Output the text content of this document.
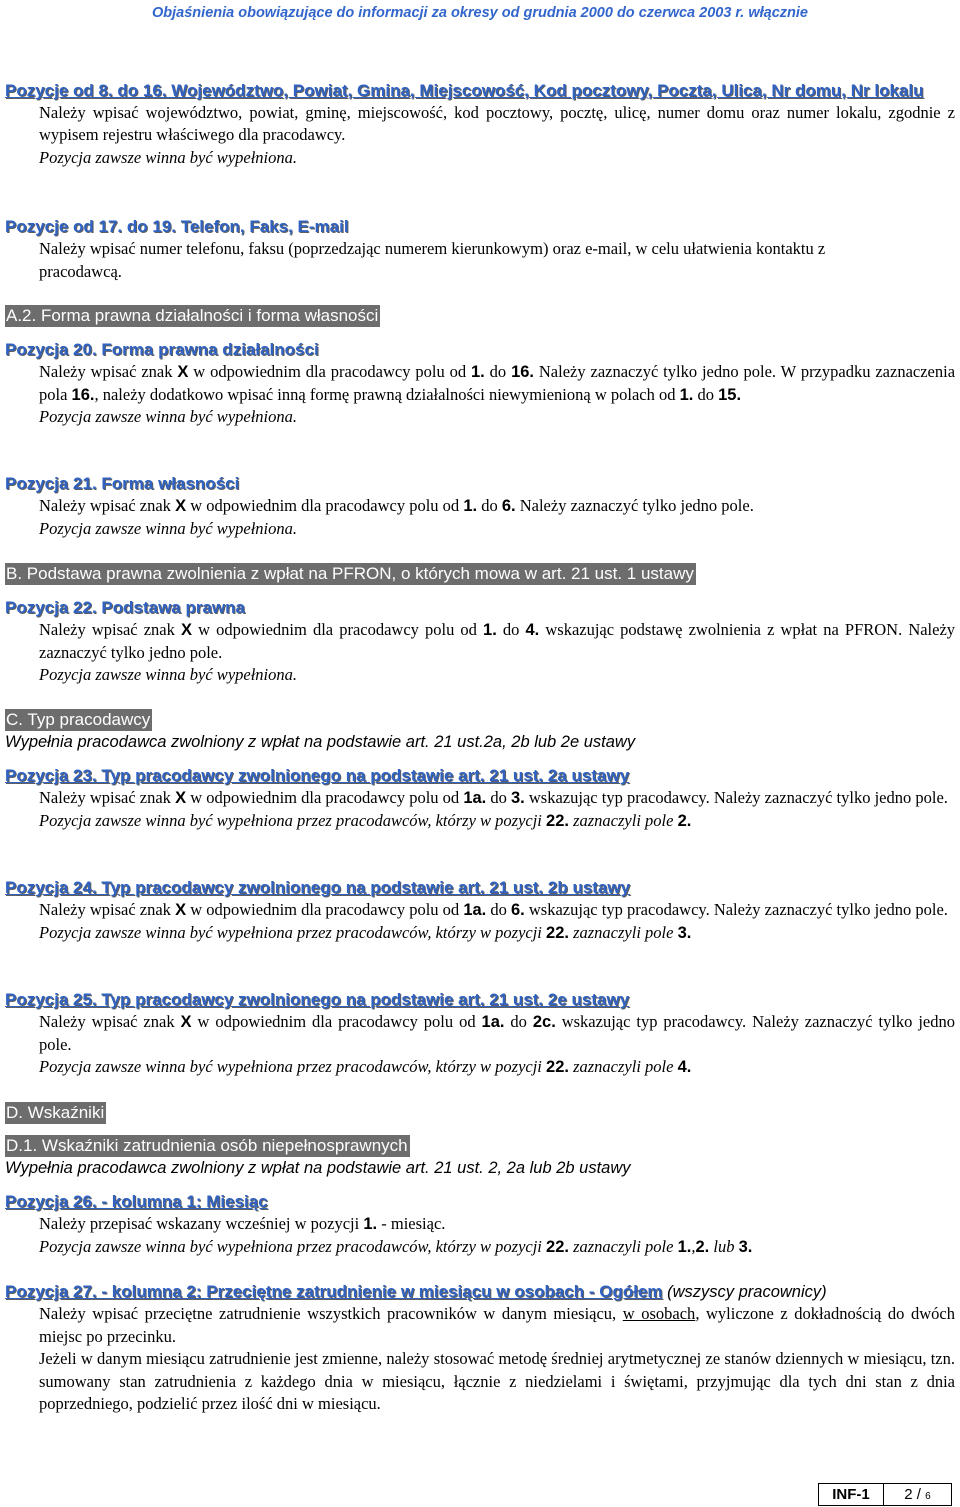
Objaśnienia obowiązujące do informacji za okresy od grudnia 2000 do czerwca 2003 r. włącznie
Pozycje od 8. do 16. Województwo, Powiat, Gmina, Miejscowość, Kod pocztowy, Poczta, Ulica, Nr domu, Nr lokalu
Należy wpisać województwo, powiat, gminę, miejscowość, kod pocztowy, pocztę, ulicę, numer domu oraz numer lokalu, zgodnie z wypisem rejestru właściwego dla pracodawcy.
Pozycja zawsze winna być wypełniona.
Pozycje od 17. do 19. Telefon, Faks, E-mail
Należy wpisać numer telefonu, faksu (poprzedzając numerem kierunkowym) oraz e-mail, w celu ułatwienia kontaktu z pracodawcą.
A.2. Forma prawna działalności i forma własności
Pozycja 20. Forma prawna działalności
Należy wpisać znak X w odpowiednim dla pracodawcy polu od 1. do 16. Należy zaznaczyć tylko jedno pole. W przypadku zaznaczenia pola 16., należy dodatkowo wpisać inną formę prawną działalności niewymienioną w polach od 1. do 15.
Pozycja zawsze winna być wypełniona.
Pozycja 21. Forma własności
Należy wpisać znak X w odpowiednim dla pracodawcy polu od 1. do 6. Należy zaznaczyć tylko jedno pole.
Pozycja zawsze winna być wypełniona.
B. Podstawa prawna zwolnienia z wpłat na PFRON, o których mowa w art. 21 ust. 1 ustawy
Pozycja 22. Podstawa prawna
Należy wpisać znak X w odpowiednim dla pracodawcy polu od 1. do 4. wskazując podstawę zwolnienia z wpłat na PFRON. Należy zaznaczyć tylko jedno pole.
Pozycja zawsze winna być wypełniona.
C. Typ pracodawcy
Wypełnia pracodawca zwolniony z wpłat na podstawie art. 21 ust.2a, 2b lub 2e ustawy
Pozycja 23. Typ pracodawcy zwolnionego na podstawie art. 21 ust. 2a ustawy
Należy wpisać znak X w odpowiednim dla pracodawcy polu od 1a. do 3. wskazując typ pracodawcy. Należy zaznaczyć tylko jedno pole.
Pozycja zawsze winna być wypełniona przez pracodawców, którzy w pozycji 22. zaznaczyli pole 2.
Pozycja 24. Typ pracodawcy zwolnionego na podstawie art. 21 ust. 2b ustawy
Należy wpisać znak X w odpowiednim dla pracodawcy polu od 1a. do 6. wskazując typ pracodawcy. Należy zaznaczyć tylko jedno pole.
Pozycja zawsze winna być wypełniona przez pracodawców, którzy w pozycji 22. zaznaczyli pole 3.
Pozycja 25. Typ pracodawcy zwolnionego na podstawie art. 21 ust. 2e ustawy
Należy wpisać znak X w odpowiednim dla pracodawcy polu od 1a. do 2c. wskazując typ pracodawcy. Należy zaznaczyć tylko jedno pole.
Pozycja zawsze winna być wypełniona przez pracodawców, którzy w pozycji 22. zaznaczyli pole 4.
D. Wskaźniki
D.1. Wskaźniki zatrudnienia osób niepełnosprawnych
Wypełnia pracodawca zwolniony z wpłat na podstawie art. 21 ust. 2, 2a lub 2b ustawy
Pozycja 26. - kolumna 1: Miesiąc
Należy przepisać wskazany wcześniej w pozycji 1. - miesiąc.
Pozycja zawsze winna być wypełniona przez pracodawców, którzy w pozycji 22. zaznaczyli pole 1.,2. lub 3.
Pozycja 27. - kolumna 2: Przeciętne zatrudnienie w miesiącu w osobach - Ogółem (wszyscy pracownicy)
Należy wpisać przeciętne zatrudnienie wszystkich pracowników w danym miesiącu, w osobach, wyliczone z dokładnością do dwóch miejsc po przecinku.
Jeżeli w danym miesiącu zatrudnienie jest zmienne, należy stosować metodę średniej arytmetycznej ze stanów dziennych w miesiącu, tzn. sumowany stan zatrudnienia z każdego dnia w miesiącu, łącznie z niedzielami i świętami, przyjmując dla tych dni stan z dnia poprzedniego, podzielić przez ilość dni w miesiącu.
INF-1	2 / 6
